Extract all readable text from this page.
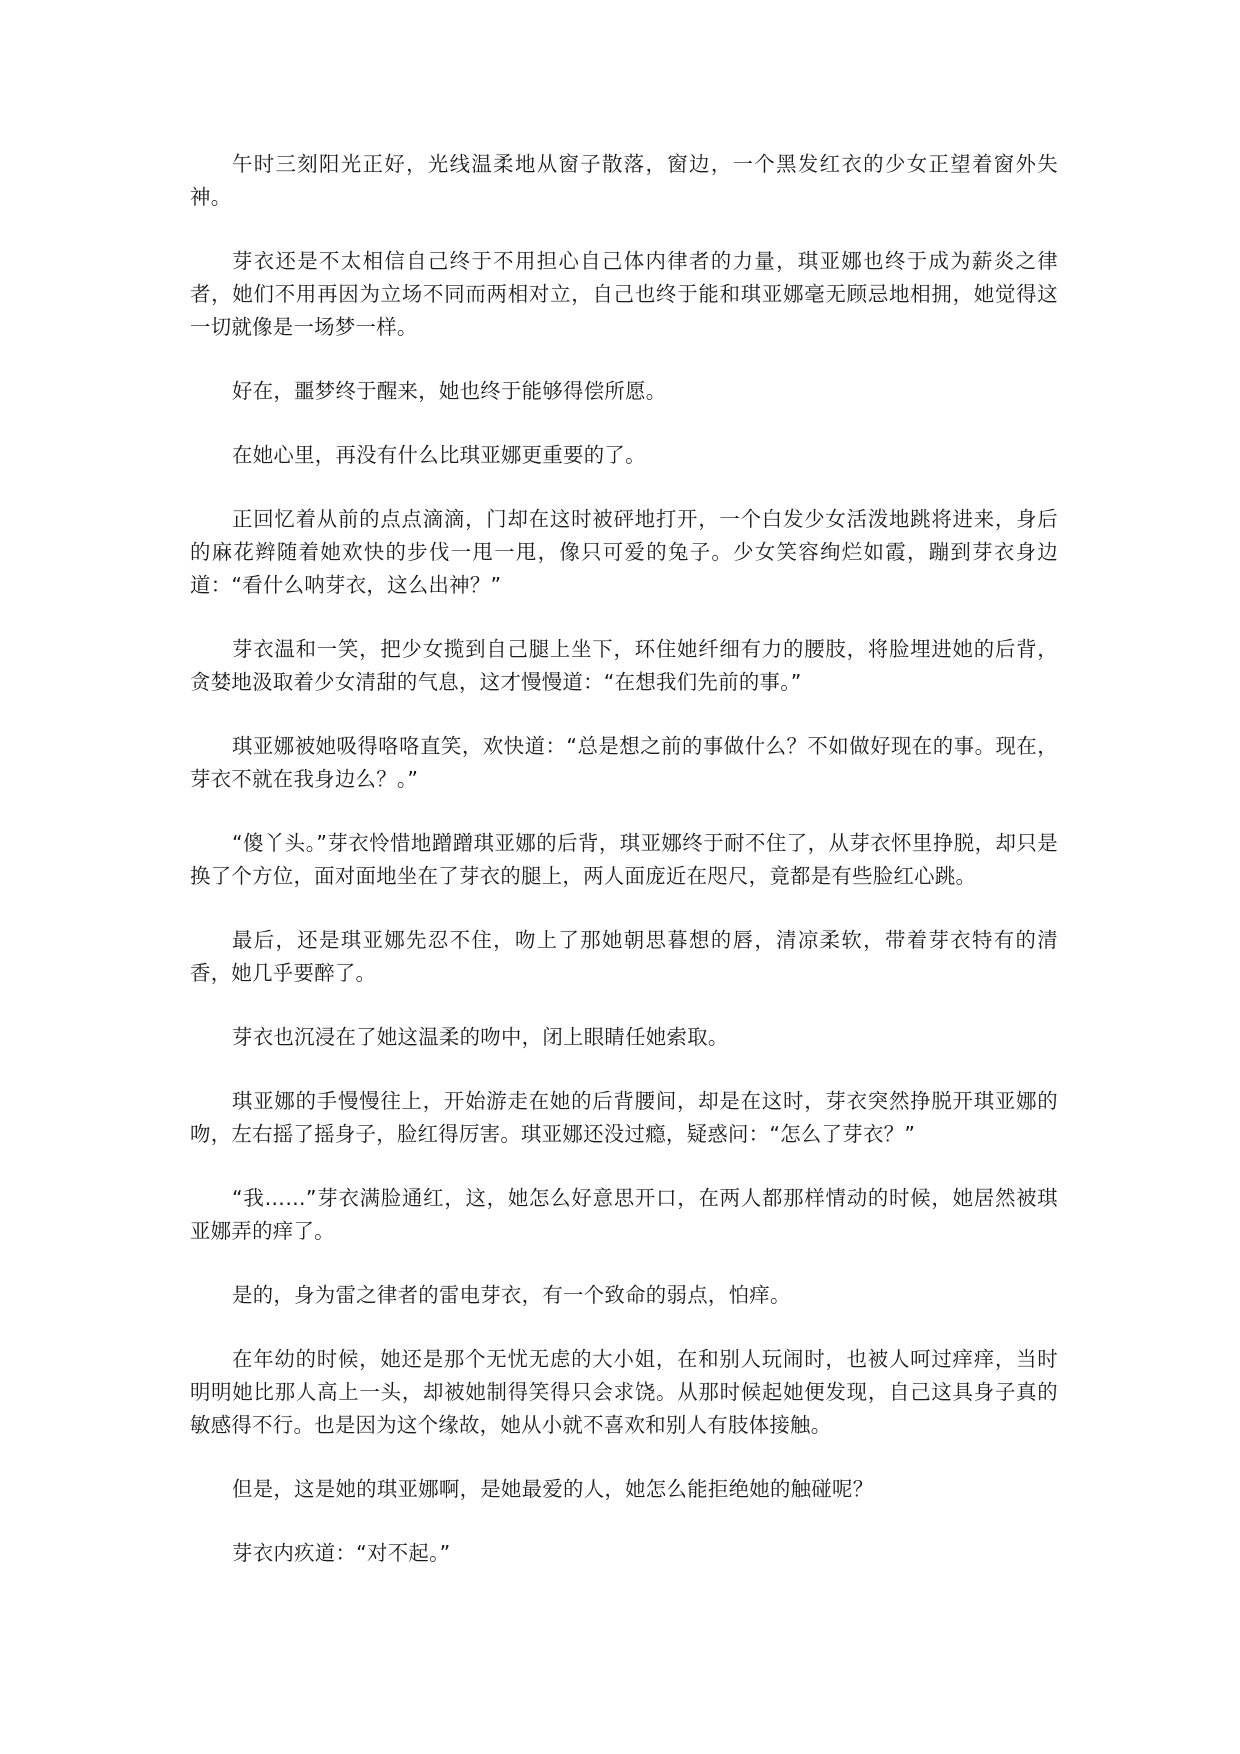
午时三刻阳光正好，光线温柔地从窗子散落，窗边，一个黑发红衣的少女正望着窗外失神。

芽衣还是不太相信自己终于不用担心自己体内律者的力量，琪亚娜也终于成为薪炎之律者，她们不用再因为立场不同而两相对立，自己也终于能和琪亚娜毫无顾忌地相拥，她觉得这一切就像是一场梦一样。

好在，噩梦终于醒来，她也终于能够得偿所愿。

在她心里，再没有什么比琪亚娜更重要的了。

正回忆着从前的点点滴滴，门却在这时被砰地打开，一个白发少女活泼地跳将进来，身后的麻花辫随着她欢快的步伐一甩一甩，像只可爱的兔子。少女笑容绚烂如霞，蹦到芽衣身边道：“看什么呐芽衣，这么出神？”

芽衣温和一笑，把少女揽到自己腿上坐下，环住她纤细有力的腰肢，将脸埋进她的后背，贪婪地汲取着少女清甜的气息，这才慢慢道：“在想我们先前的事。”

琪亚娜被她吸得咯咯直笑，欢快道：“总是想之前的事做什么？不如做好现在的事。现在，芽衣不就在我身边么？。”

“傻丫头。”芽衣怜惜地蹭蹭琪亚娜的后背，琪亚娜终于耐不住了，从芽衣怀里挣脱，却只是换了个方位，面对面地坐在了芽衣的腿上，两人面庞近在咫尺，竟都是有些脸红心跳。

最后，还是琪亚娜先忍不住，吻上了那她朝思暮想的唇，清凉柔软，带着芽衣特有的清香，她几乎要醉了。

芽衣也沉浸在了她这温柔的吻中，闭上眼睛任她索取。

琪亚娜的手慢慢往上，开始游走在她的后背腰间，却是在这时，芽衣突然挣脱开琪亚娜的吻，左右摇了摇身子，脸红得厉害。琪亚娜还没过瘾，疑惑问：“怎么了芽衣？”

“我……”芽衣满脸通红，这，她怎么好意思开口，在两人都那样情动的时候，她居然被琪亚娜弄的痒了。

是的，身为雷之律者的雷电芽衣，有一个致命的弱点，怕痒。

在年幼的时候，她还是那个无忧无虑的大小姐，在和别人玩闹时，也被人呵过痒痒，当时明明她比那人高上一头，却被她制得笑得只会求饶。从那时候起她便发现，自己这具身子真的敏感得不行。也是因为这个缘故，她从小就不喜欢和别人有肢体接触。

但是，这是她的琪亚娜啊，是她最爱的人，她怎么能拒绝她的触碰呢？

芽衣内疚道：“对不起。”
